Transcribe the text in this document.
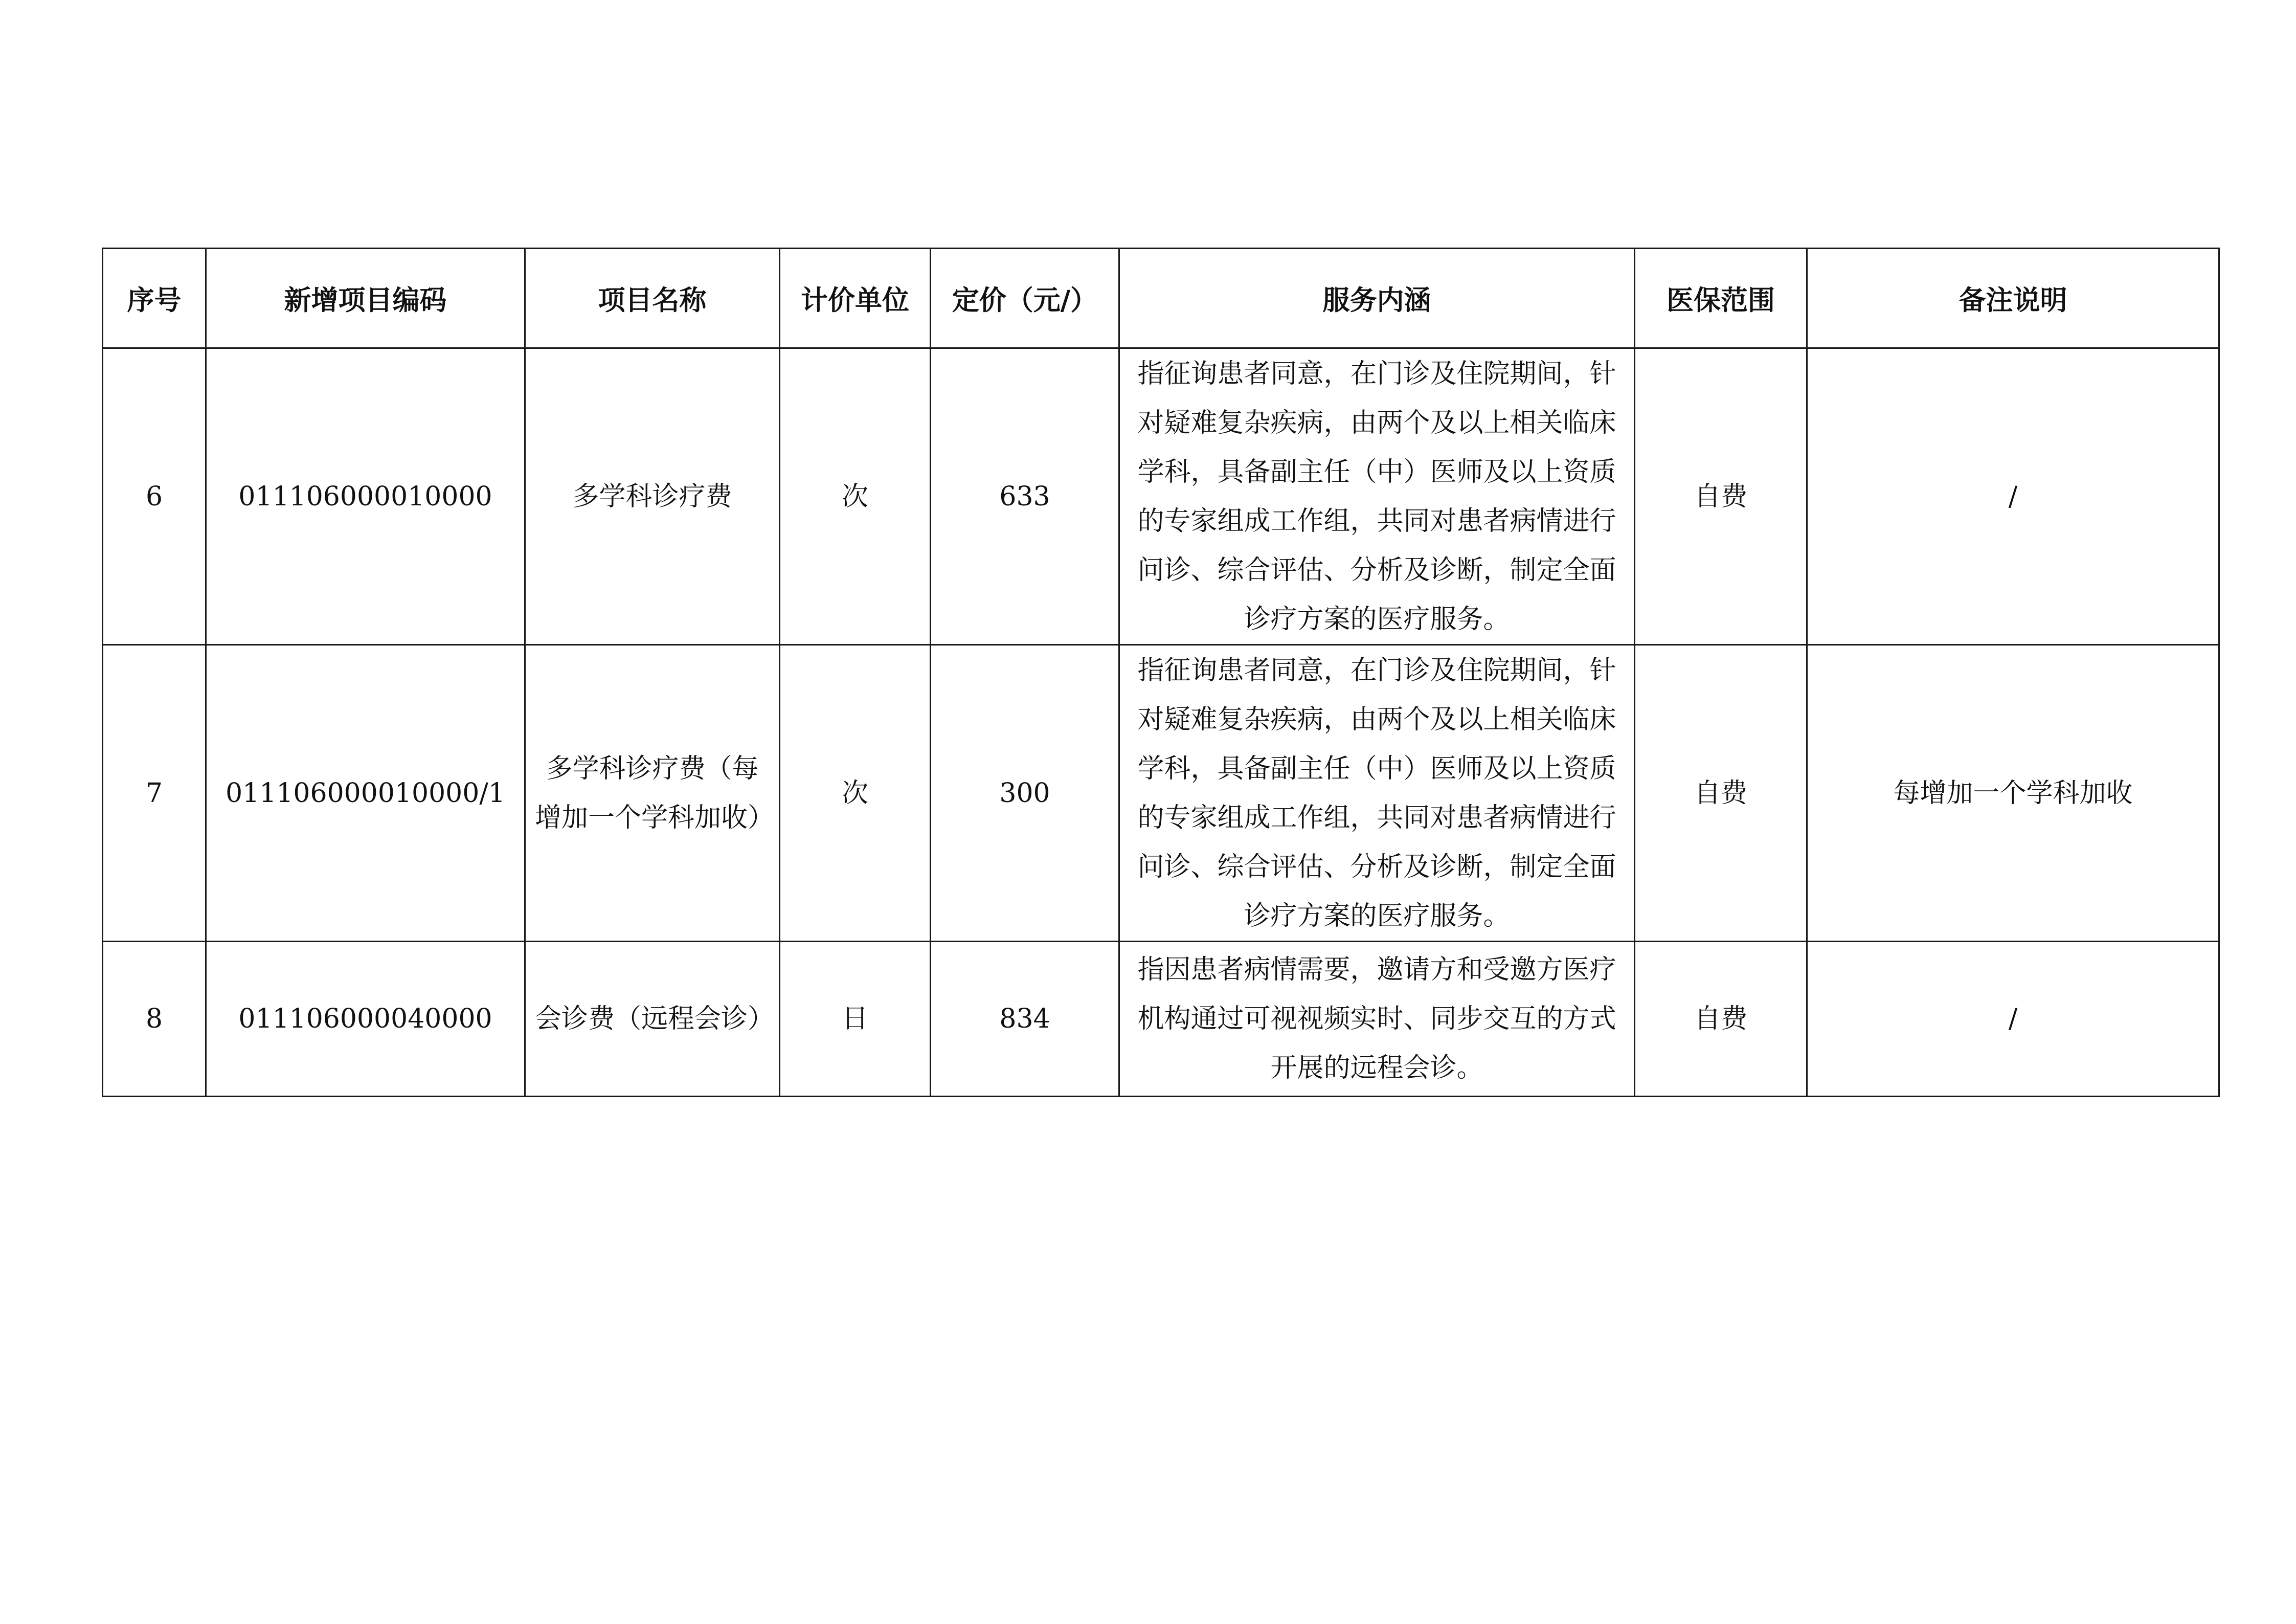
序号	新增项目编码	项目名称	计价单位	定价（元/）	服务内涵	医保范围	备注说明
6	011106000010000	多学科诊疗费	次	633	指征询患者同意，在门诊及住院期间，针对疑难复杂疾病，由两个及以上相关临床学科，具备副主任（中）医师及以上资质的专家组成工作组，共同对患者病情进行问诊、综合评估、分析及诊断，制定全面诊疗方案的医疗服务。	自费	/
7	011106000010000/1	多学科诊疗费（每增加一个学科加收）	次	300	指征询患者同意，在门诊及住院期间，针对疑难复杂疾病，由两个及以上相关临床学科，具备副主任（中）医师及以上资质的专家组成工作组，共同对患者病情进行问诊、综合评估、分析及诊断，制定全面诊疗方案的医疗服务。	自费	每增加一个学科加收
8	011106000040000	会诊费（远程会诊）	日	834	指因患者病情需要，邀请方和受邀方医疗机构通过可视视频实时、同步交互的方式开展的远程会诊。	自费	/
